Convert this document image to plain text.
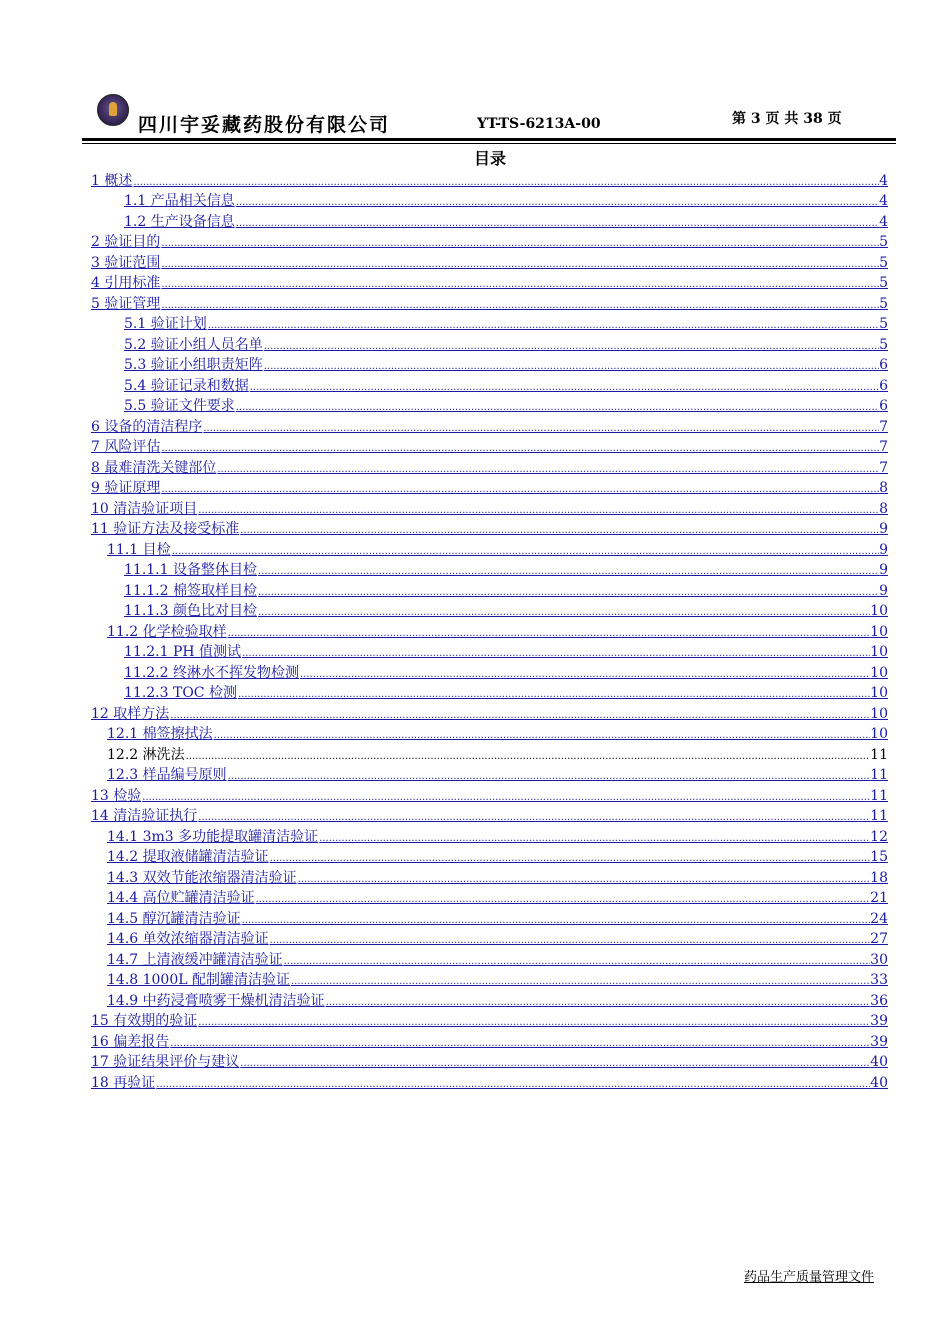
四川宇妥藏药股份有限公司	YT-TS-6213A-00	第 3 页 共 38 页
目录
1 概述 .....	4
1.1 产品相关信息 .....	4
1.2 生产设备信息 .....	4
2 验证目的 .....	5
3 验证范围 .....	5
4 引用标准 .....	5
5 验证管理 .....	5
5.1 验证计划 .....	5
5.2 验证小组人员名单 .....	5
5.3 验证小组职责矩阵 .....	6
5.4 验证记录和数据 .....	6
5.5 验证文件要求 .....	6
6 设备的清洁程序 .....	7
7 风险评估 .....	7
8 最难清洗关键部位 .....	7
9 验证原理 .....	8
10 清洁验证项目 .....	8
11 验证方法及接受标准 .....	9
11.1 目检 .....	9
11.1.1 设备整体目检 .....	9
11.1.2 棉签取样目检 .....	9
11.1.3 颜色比对目检 .....	10
11.2 化学检验取样 .....	10
11.2.1 PH 值测试 .....	10
11.2.2 终淋水不挥发物检测 .....	10
11.2.3 TOC 检测 .....	10
12 取样方法 .....	10
12.1 棉签擦拭法 .....	10
12.2 淋洗法 .....	11
12.3 样品编号原则 .....	11
13 检验 .....	11
14 清洁验证执行 .....	11
14.1 3m3 多功能提取罐清洁验证 .....	12
14.2 提取液储罐清洁验证 .....	15
14.3 双效节能浓缩器清洁验证 .....	18
14.4 高位贮罐清洁验证 .....	21
14.5 醇沉罐清洁验证 .....	24
14.6 单效浓缩器清洁验证 .....	27
14.7 上清液缓冲罐清洁验证 .....	30
14.8 1000L 配制罐清洁验证 .....	33
14.9 中药浸膏喷雾干燥机清洁验证 .....	36
15 有效期的验证 .....	39
16 偏差报告 .....	39
17 验证结果评价与建议 .....	40
18 再验证 .....	40
药品生产质量管理文件
